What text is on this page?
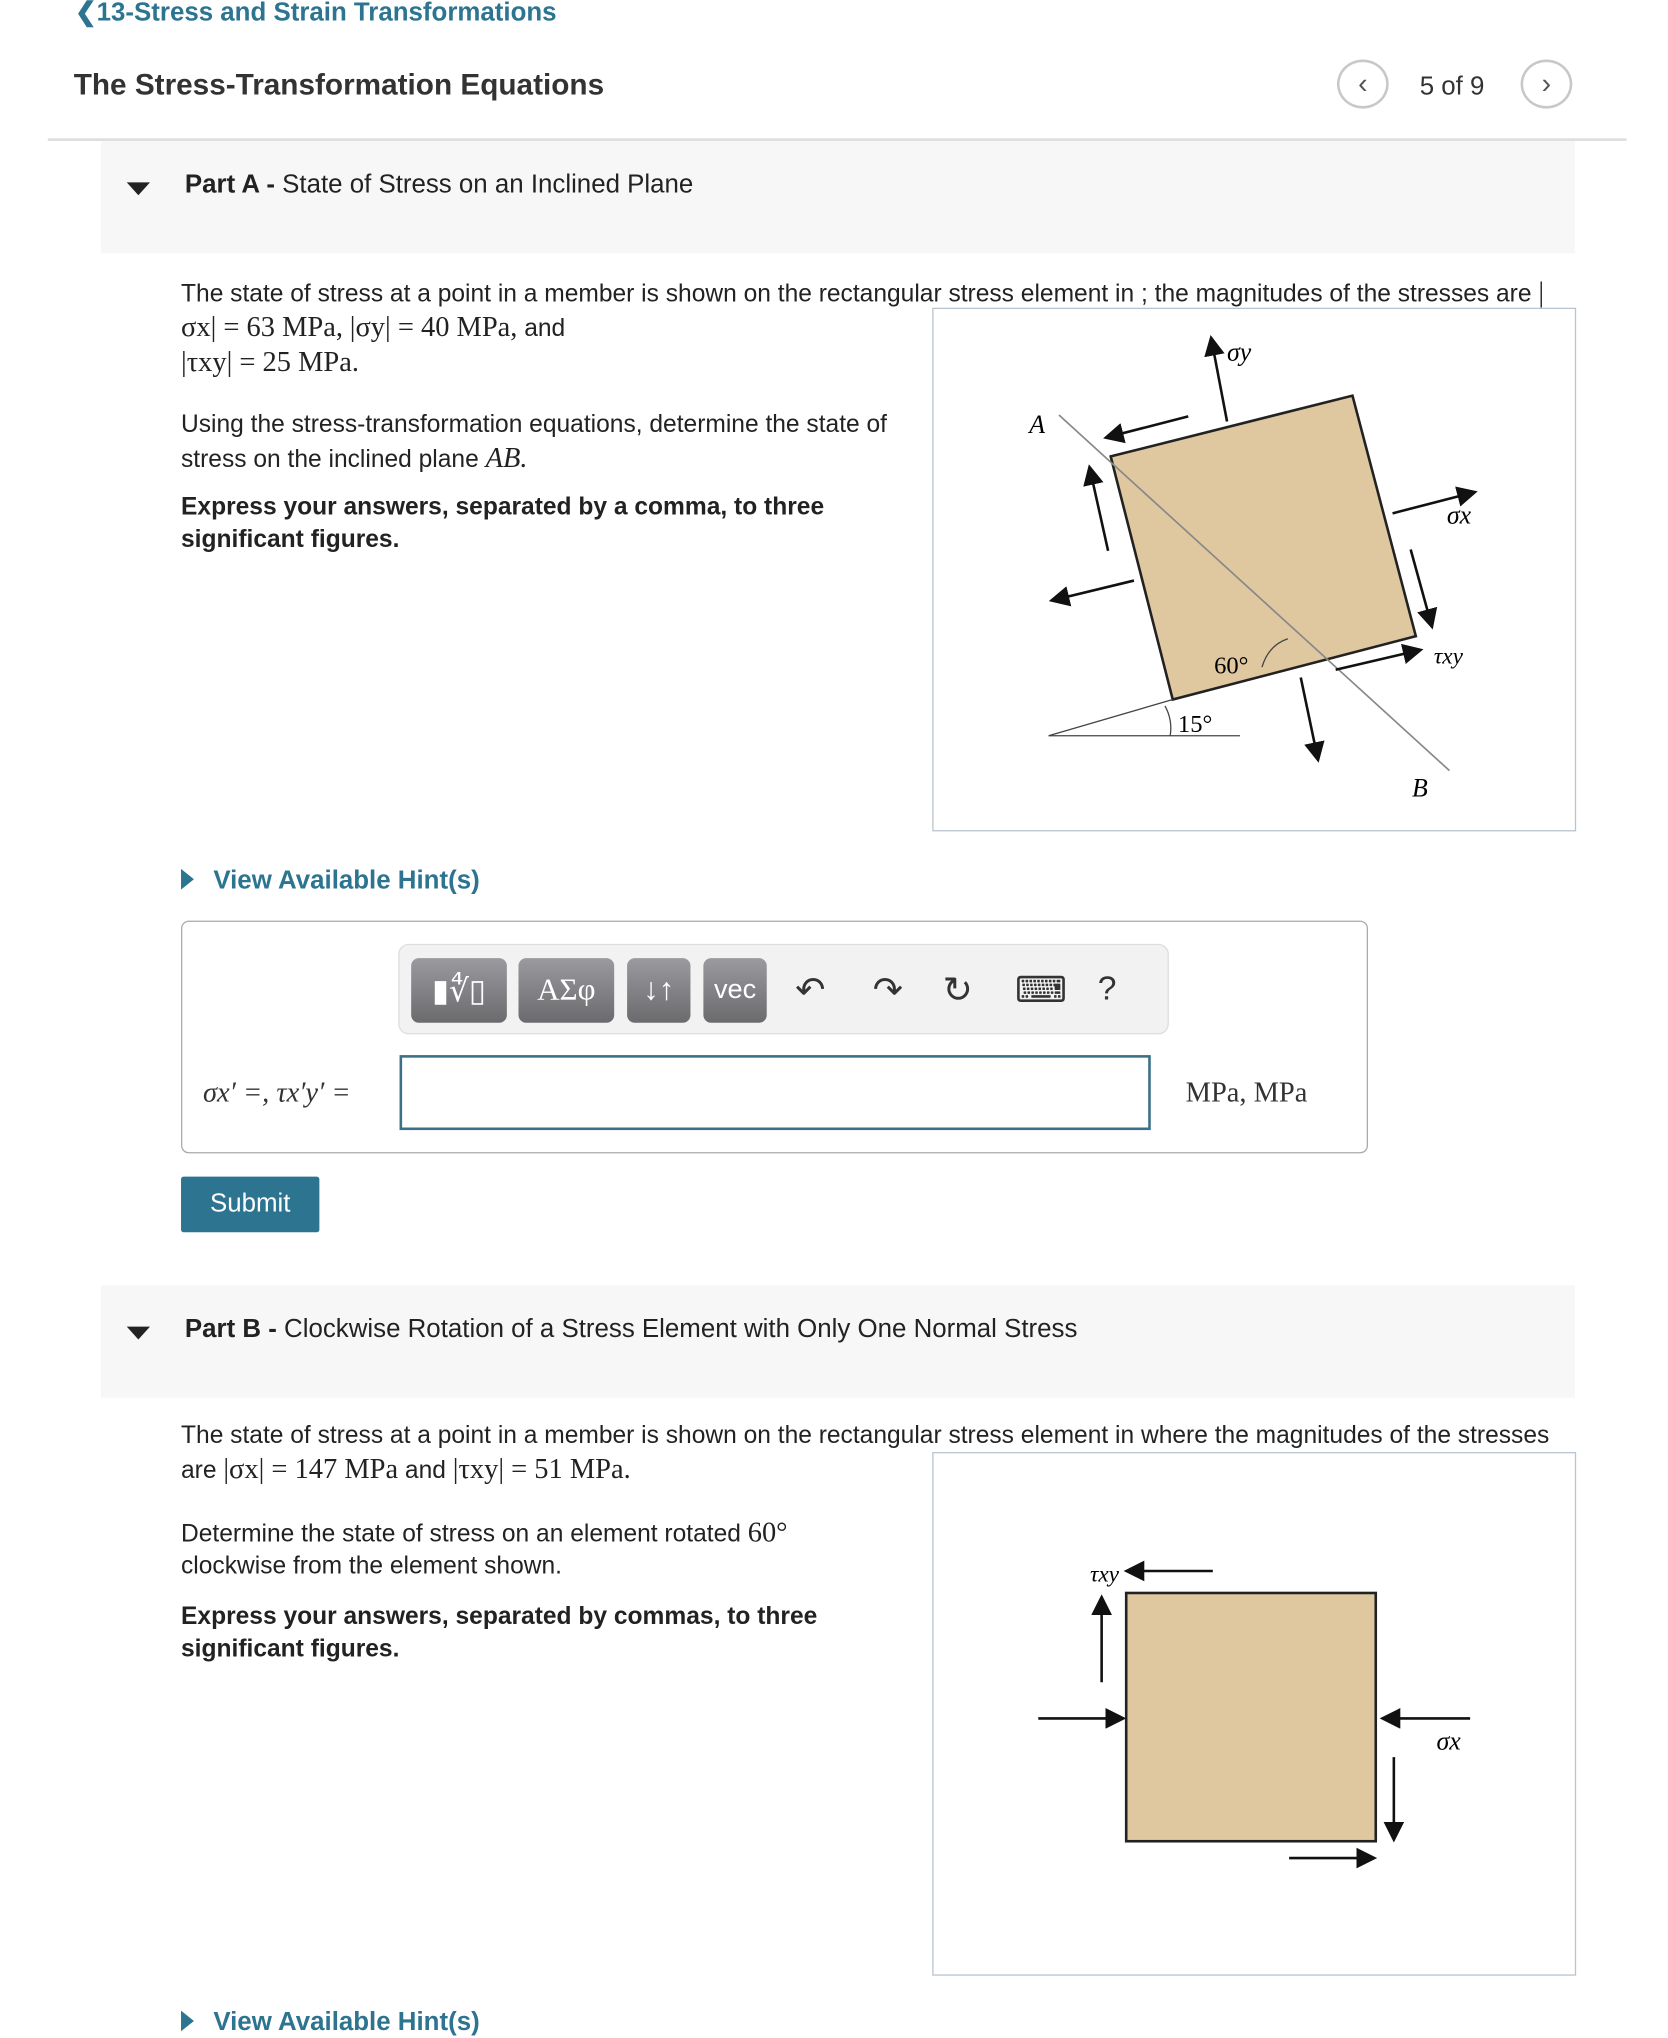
❮13-Stress and Strain Transformations
The Stress-Transformation Equations	‹	5 of 9	›
Part A - State of Stress on an Inclined Plane
The state of stress at a point in a member is shown on the rectangular stress element in ; the magnitudes of the stresses are |σx| = 63 MPa, |σy| = 40 MPa, and
|τxy| = 25 MPa.
Using the stress-transformation equations, determine the state of stress on the inclined plane AB.
Express your answers, separated by a comma, to three significant figures.
σy
σx
τxy
A
B
60°
15°
View Available Hint(s)
▮∜▯ ΑΣφ ↓↑ vec ↶ ↷ ↻ ⌨ ?
σx′ =, τx′y′ =	MPa, MPa
Submit
Part B - Clockwise Rotation of a Stress Element with Only One Normal Stress
The state of stress at a point in a member is shown on the rectangular stress element in where the magnitudes of the stresses are |σx| = 147 MPa and |τxy| = 51 MPa.
Determine the state of stress on an element rotated 60°
clockwise from the element shown.
Express your answers, separated by commas, to three significant figures.
τxy
σx
View Available Hint(s)
